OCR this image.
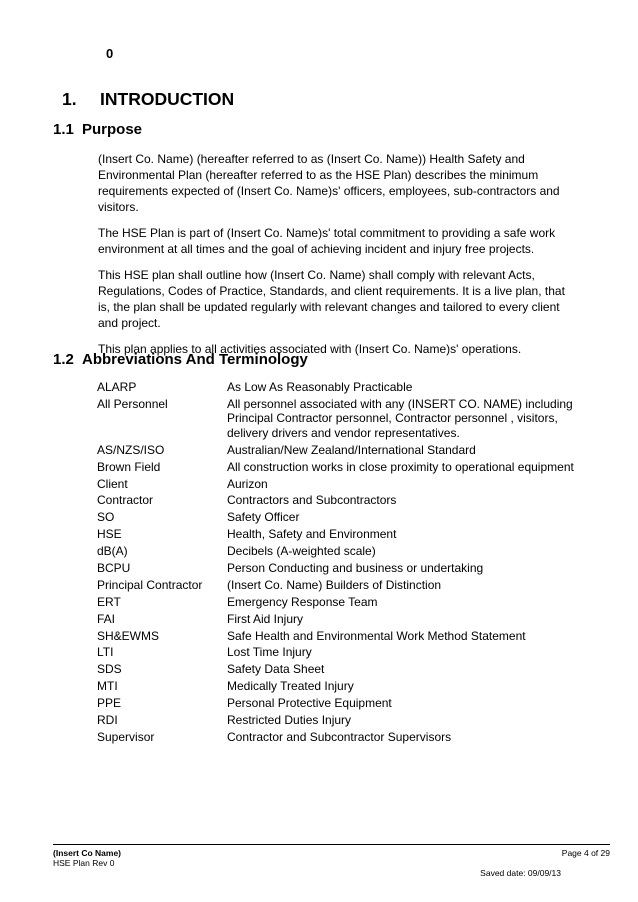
0
1. INTRODUCTION
1.1 Purpose

(Insert Co. Name) (hereafter referred to as (Insert Co. Name)) Health Safety and Environmental Plan (hereafter referred to as the HSE Plan) describes the minimum requirements expected of (Insert Co. Name)s' officers, employees, sub-contractors and visitors.

The HSE Plan is part of (Insert Co. Name)s' total commitment to providing a safe work environment at all times and the goal of achieving incident and injury free projects.

This HSE plan shall outline how (Insert Co. Name) shall comply with relevant Acts, Regulations, Codes of Practice, Standards, and client requirements. It is a live plan, that is, the plan shall be updated regularly with relevant changes and tailored to every client and project.

This plan applies to all activities associated with (Insert Co. Name)s' operations.

1.2 Abbreviations And Terminology
ALARP	As Low As Reasonably Practicable
All Personnel	All personnel associated with any (INSERT CO. NAME) including Principal Contractor personnel, Contractor personnel , visitors, delivery drivers and vendor representatives.
AS/NZS/ISO	Australian/New Zealand/International Standard
Brown Field	All construction works in close proximity to operational equipment
Client	Aurizon
Contractor	Contractors and Subcontractors
SO	Safety Officer
HSE	Health, Safety and Environment
dB(A)	Decibels (A-weighted scale)
BCPU	Person Conducting and business or undertaking
Principal Contractor	(Insert Co. Name) Builders of Distinction
ERT	Emergency Response Team
FAI	First Aid Injury
SH&EWMS	Safe Health and Environmental Work Method Statement
LTI	Lost Time Injury
SDS	Safety Data Sheet
MTI	Medically Treated Injury
PPE	Personal Protective Equipment
RDI	Restricted Duties Injury
Supervisor	Contractor and Subcontractor Supervisors
(Insert Co Name)
HSE Plan Rev 0
Page 4 of 29
Saved date: 09/09/13
